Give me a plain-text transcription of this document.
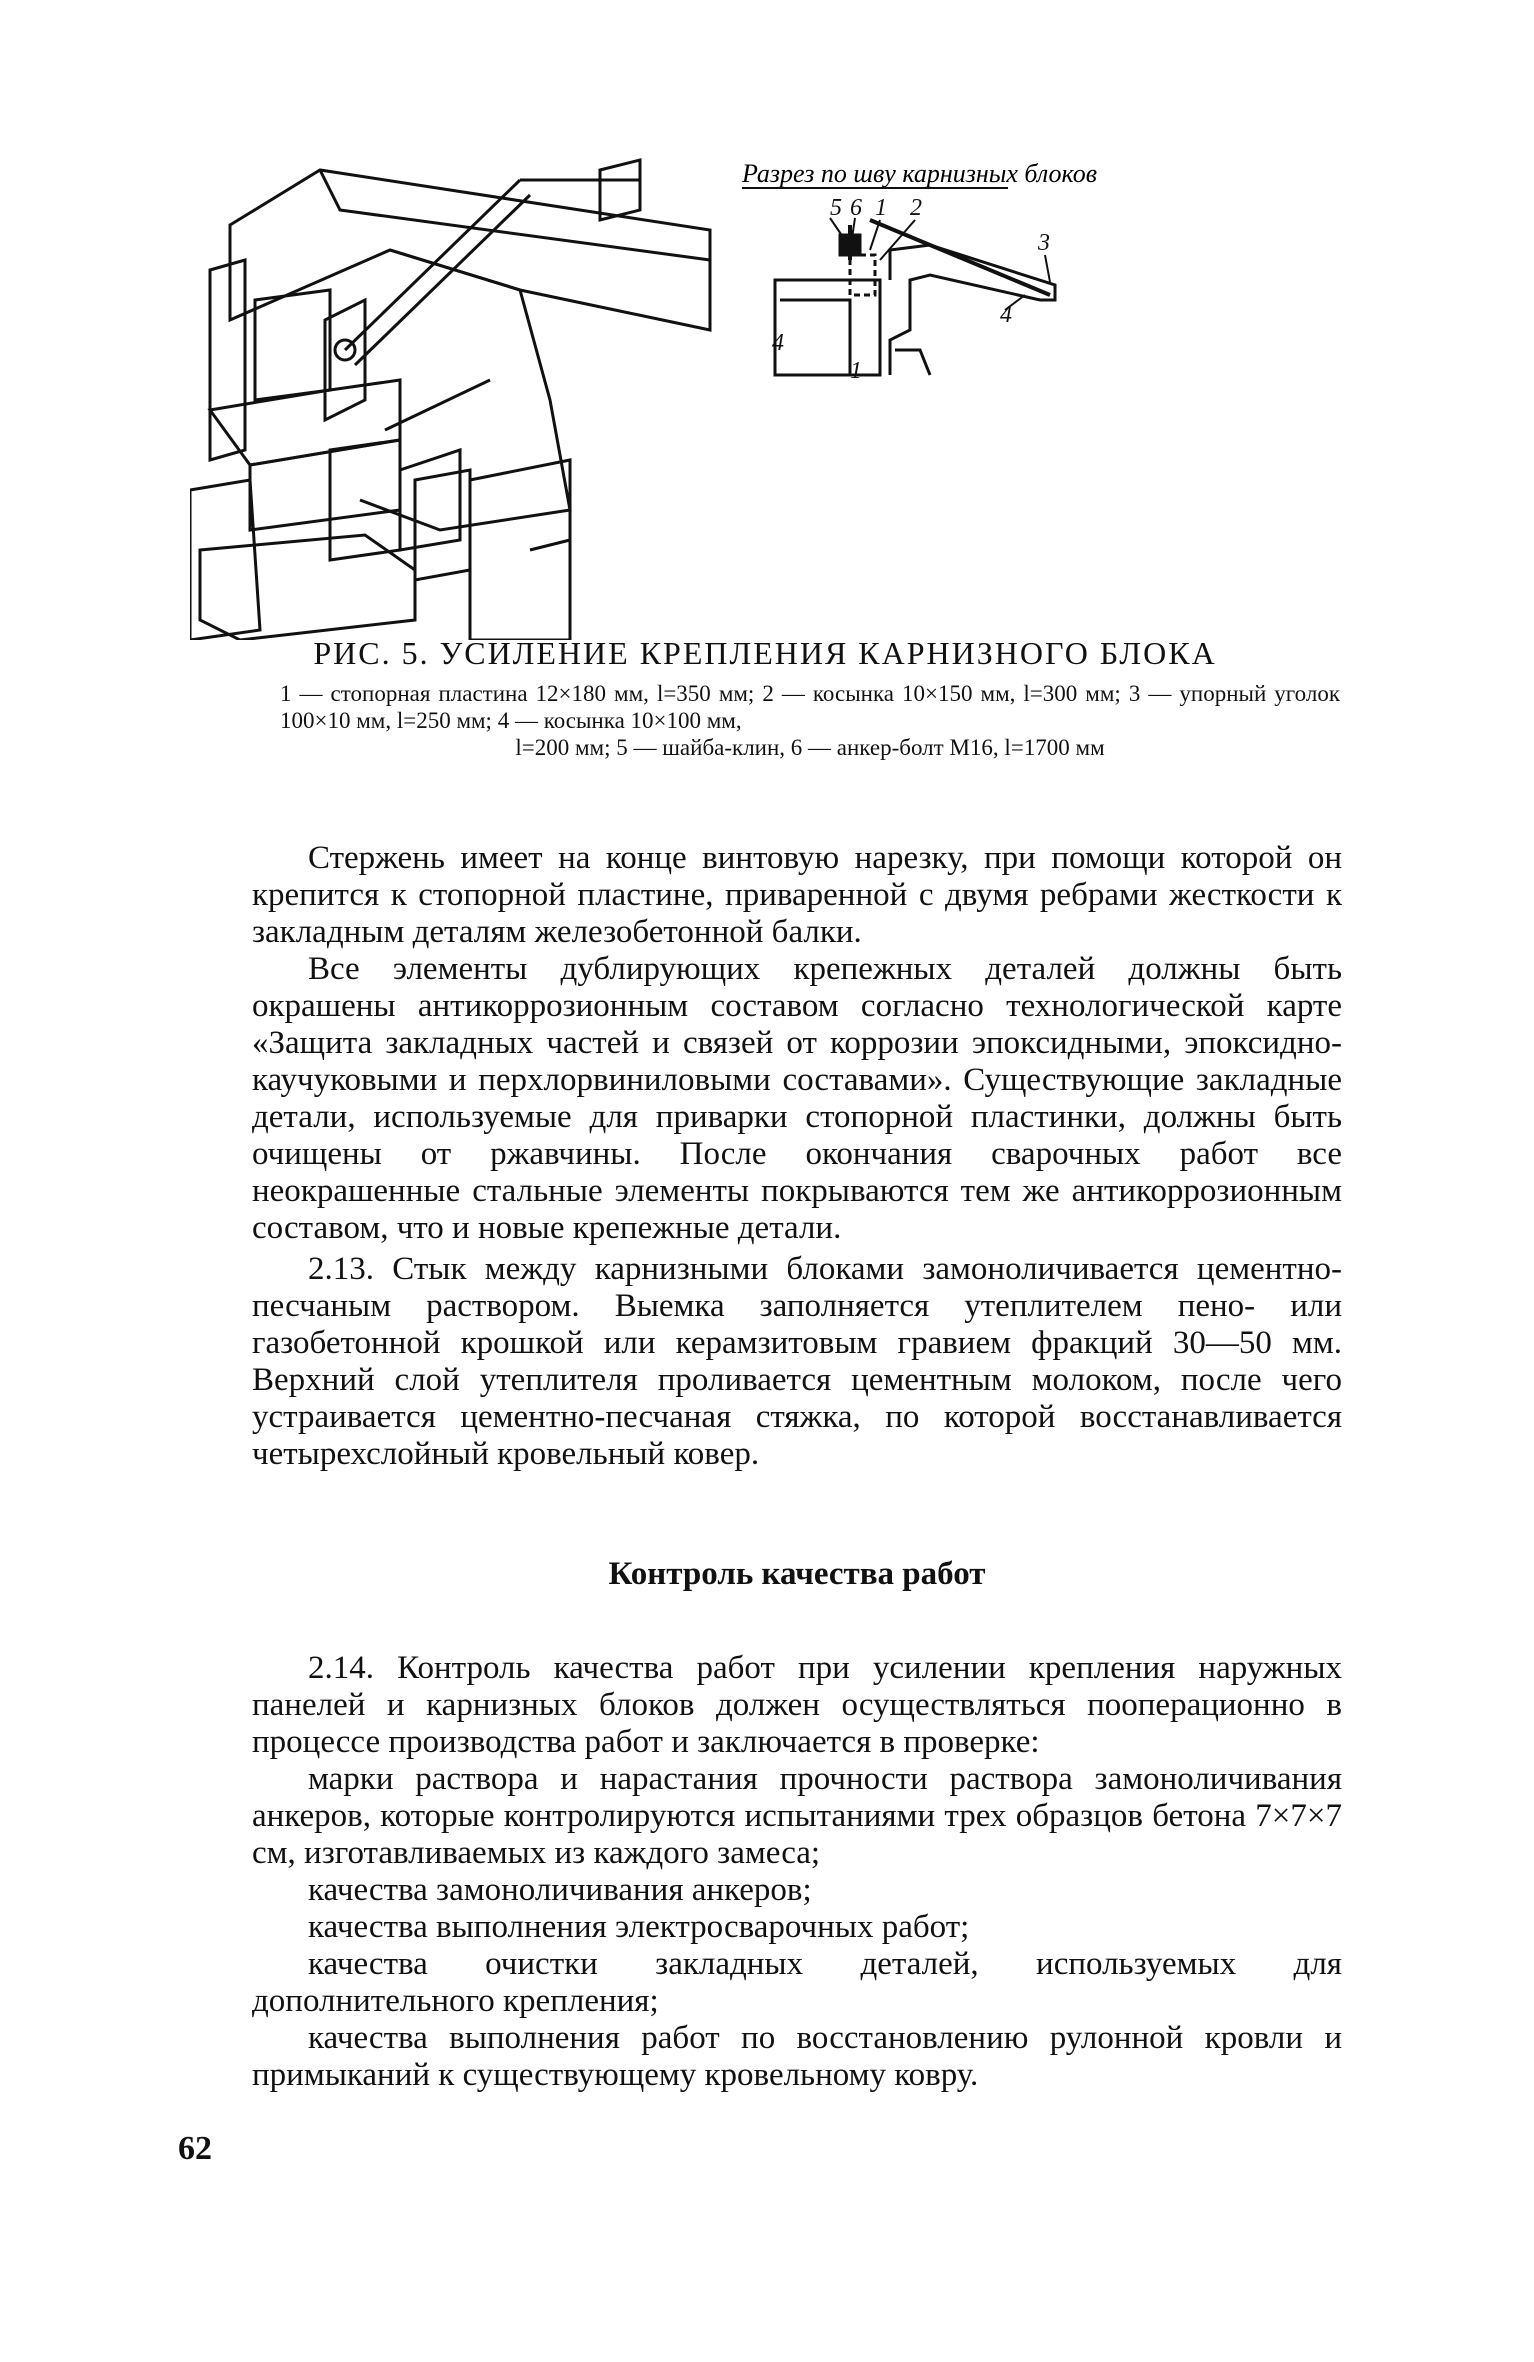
Разрез по шву карнизных блоков
5 6 1 2
3
4
4
1
РИС. 5. УСИЛЕНИЕ КРЕПЛЕНИЯ КАРНИЗНОГО БЛОКА
1 — стопорная пластина 12×180 мм, l=350 мм; 2 — косынка 10×150 мм, l=300 мм; 3 — упорный уголок 100×10 мм, l=250 мм; 4 — косынка 10×100 мм,
l=200 мм; 5 — шайба-клин, 6 — анкер-болт М16, l=1700 мм

Стержень имеет на конце винтовую нарезку, при помощи которой он крепится к стопорной пластине, приваренной с двумя ребрами жесткости к закладным деталям железобетонной балки.

Все элементы дублирующих крепежных деталей должны быть окрашены антикоррозионным составом согласно технологической карте «Защита закладных частей и связей от коррозии эпоксидными, эпоксидно-каучуковыми и перхлорвиниловыми составами». Существующие закладные детали, используемые для приварки стопорной пластинки, должны быть очищены от ржавчины. После окончания сварочных работ все неокрашенные стальные элементы покрываются тем же антикоррозионным составом, что и новые крепежные детали.

2.13. Стык между карнизными блоками замоноличивается цементно-песчаным раствором. Выемка заполняется утеплителем пено- или газобетонной крошкой или керамзитовым гравием фракций 30—50 мм. Верхний слой утеплителя проливается цементным молоком, после чего устраивается цементно-песчаная стяжка, по которой восстанавливается четырехслойный кровельный ковер.

Контроль качества работ

2.14. Контроль качества работ при усилении крепления наружных панелей и карнизных блоков должен осуществляться пооперационно в процессе производства работ и заключается в проверке:

марки раствора и нарастания прочности раствора замоноличивания анкеров, которые контролируются испытаниями трех образцов бетона 7×7×7 см, изготавливаемых из каждого замеса;

качества замоноличивания анкеров;

качества выполнения электросварочных работ;

качества очистки закладных деталей, используемых для дополнительного крепления;

качества выполнения работ по восстановлению рулонной кровли и примыканий к существующему кровельному ковру.

62
